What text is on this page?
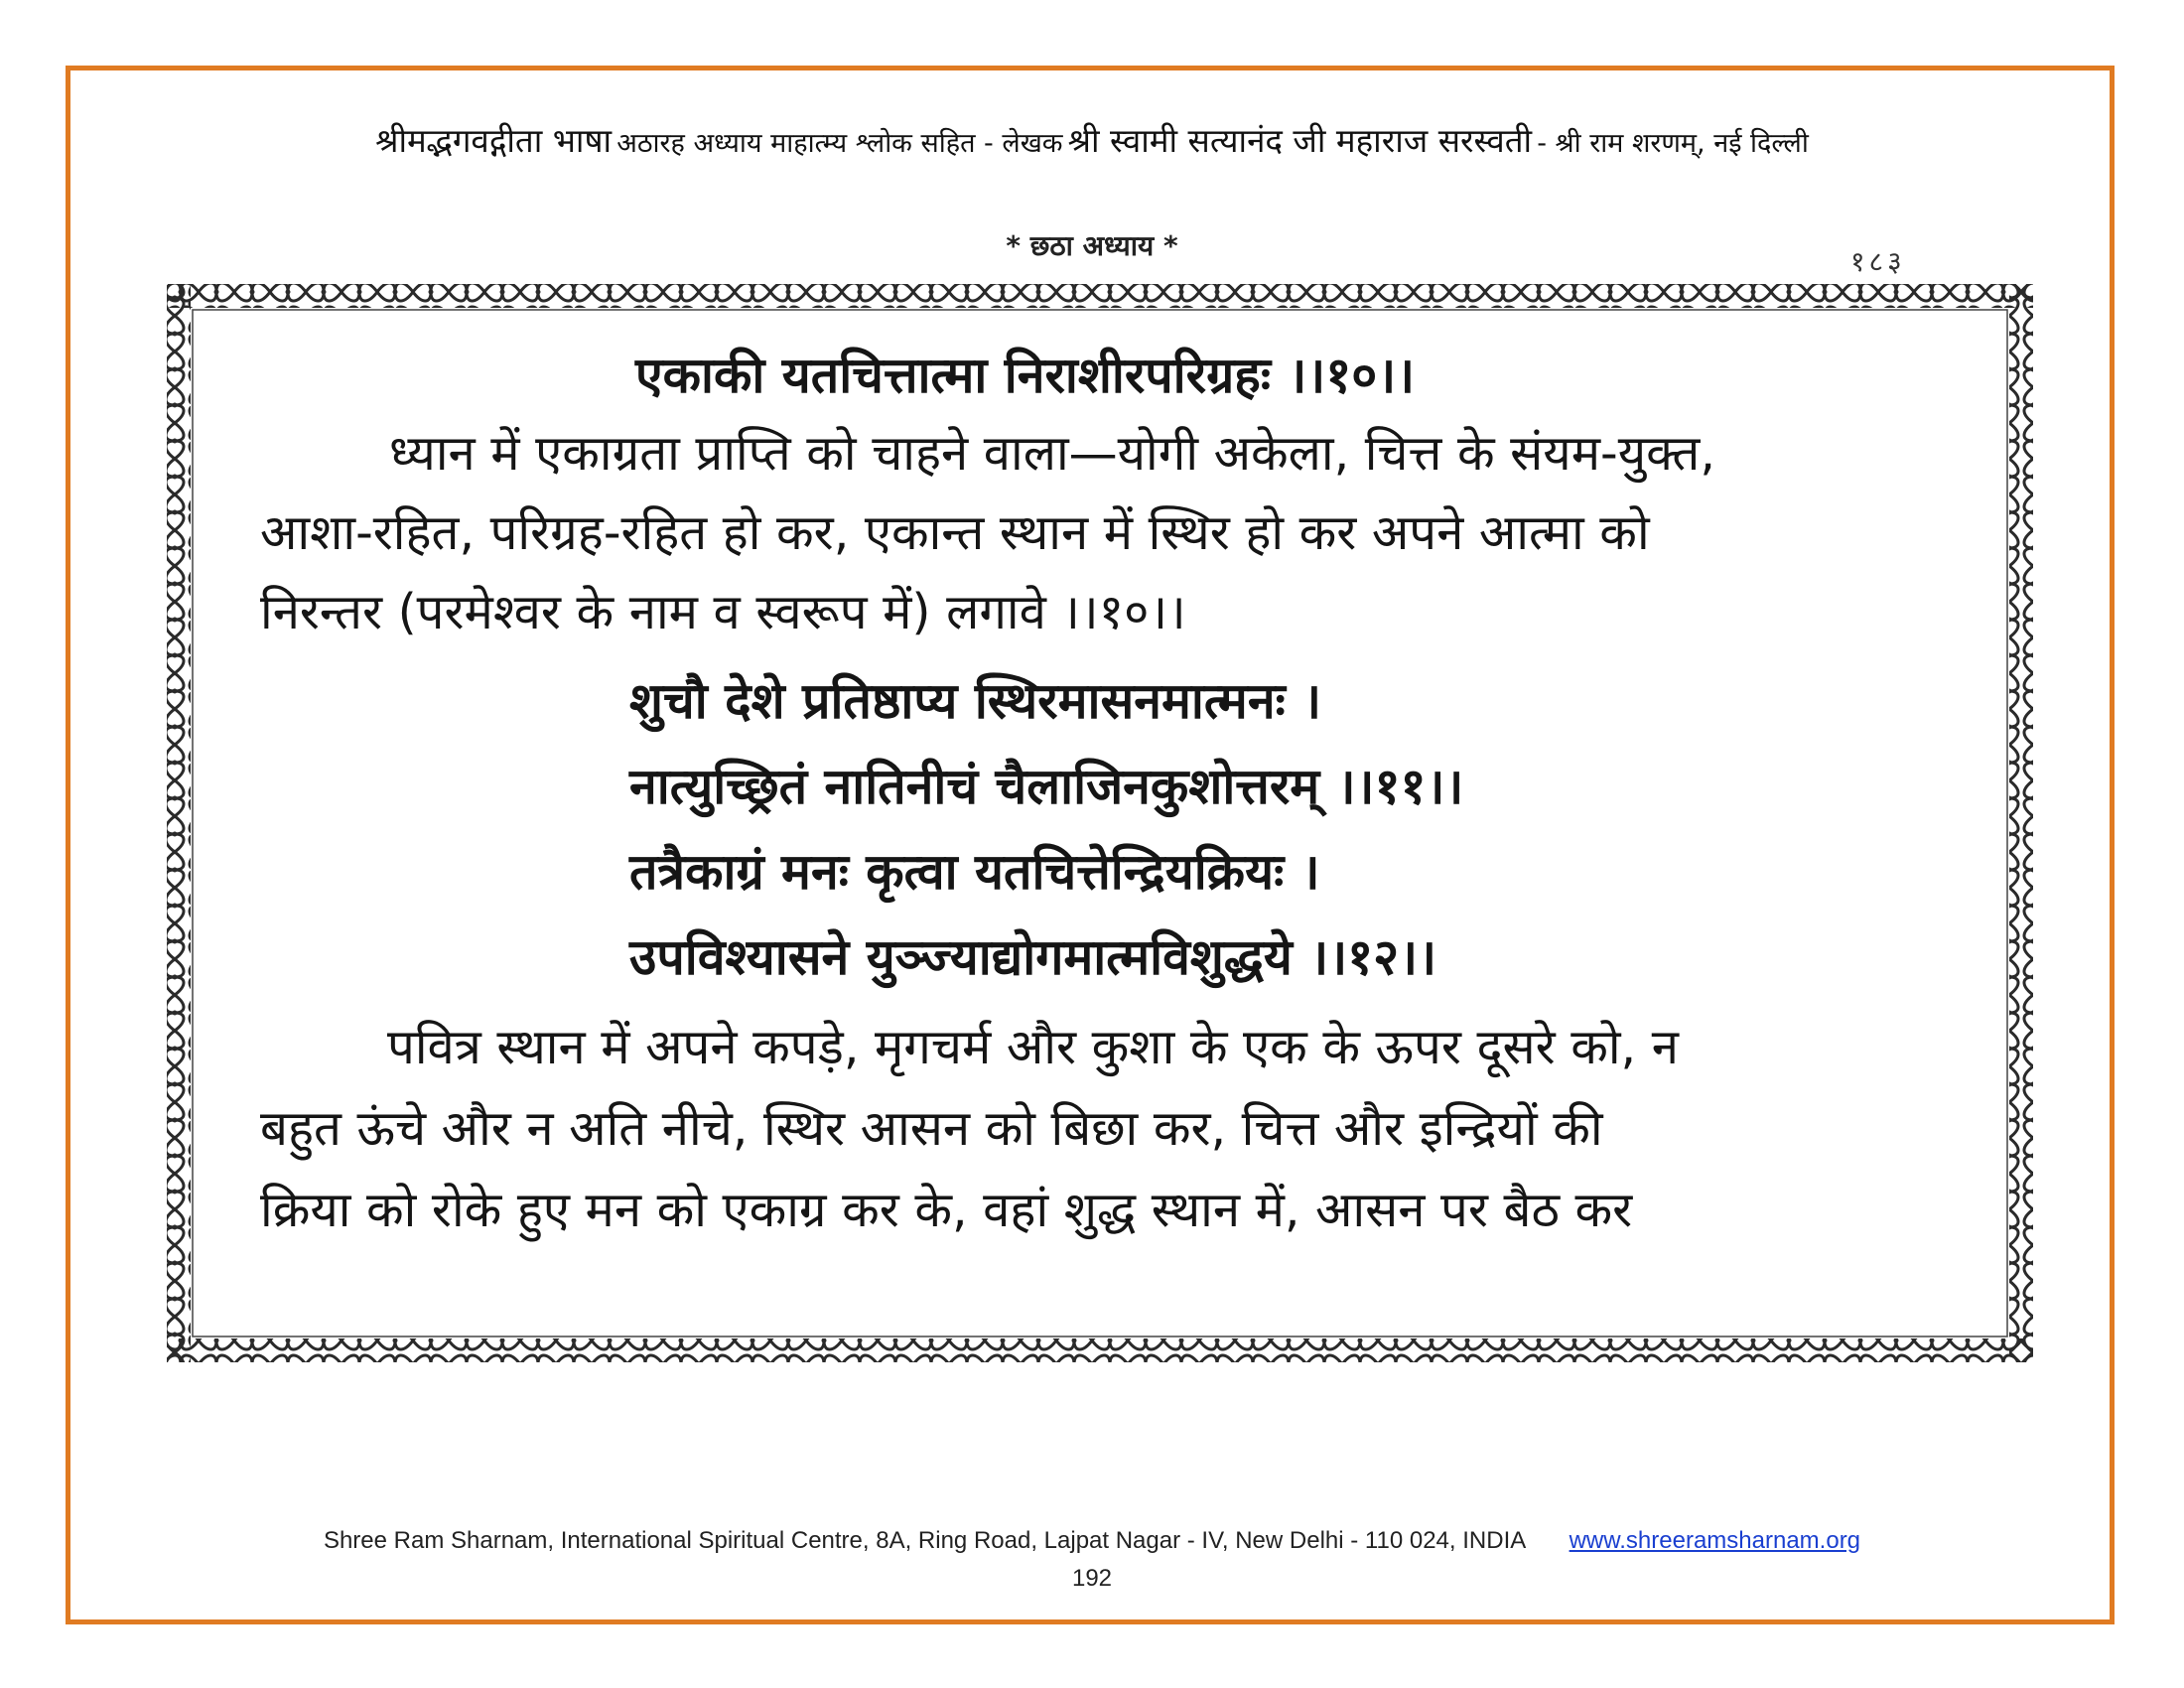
श्रीमद्भगवद्गीता भाषा अठारह अध्याय माहात्म्य श्लोक सहित - लेखक श्री स्वामी सत्यानंद जी महाराज सरस्वती - श्री राम शरणम्, नई दिल्ली
* छठा अध्याय *	१८३
एकाकी यतचित्तात्मा निराशीरपरिग्रहः ।।१०।।
ध्यान में एकाग्रता प्राप्ति को चाहने वाला—योगी अकेला, चित्त के संयम-युक्त,
आशा-रहित, परिग्रह-रहित हो कर, एकान्त स्थान में स्थिर हो कर अपने आत्मा को
निरन्तर (परमेश्वर के नाम व स्वरूप में) लगावे ।।१०।।
शुचौ देशे प्रतिष्ठाप्य स्थिरमासनमात्मनः ।
नात्युच्छ्रितं नातिनीचं चैलाजिनकुशोत्तरम् ।।११।।
तत्रैकाग्रं मनः कृत्वा यतचित्तेन्द्रियक्रियः ।
उपविश्यासने युञ्ज्याद्योगमात्मविशुद्धये ।।१२।।
पवित्र स्थान में अपने कपड़े, मृगचर्म और कुशा के एक के ऊपर दूसरे को, न
बहुत ऊंचे और न अति नीचे, स्थिर आसन को बिछा कर, चित्त और इन्द्रियों की
क्रिया को रोके हुए मन को एकाग्र कर के, वहां शुद्ध स्थान में, आसन पर बैठ कर
Shree Ram Sharnam, International Spiritual Centre, 8A, Ring Road, Lajpat Nagar - IV, New Delhi - 110 024, INDIA www.shreeramsharnam.org
192
